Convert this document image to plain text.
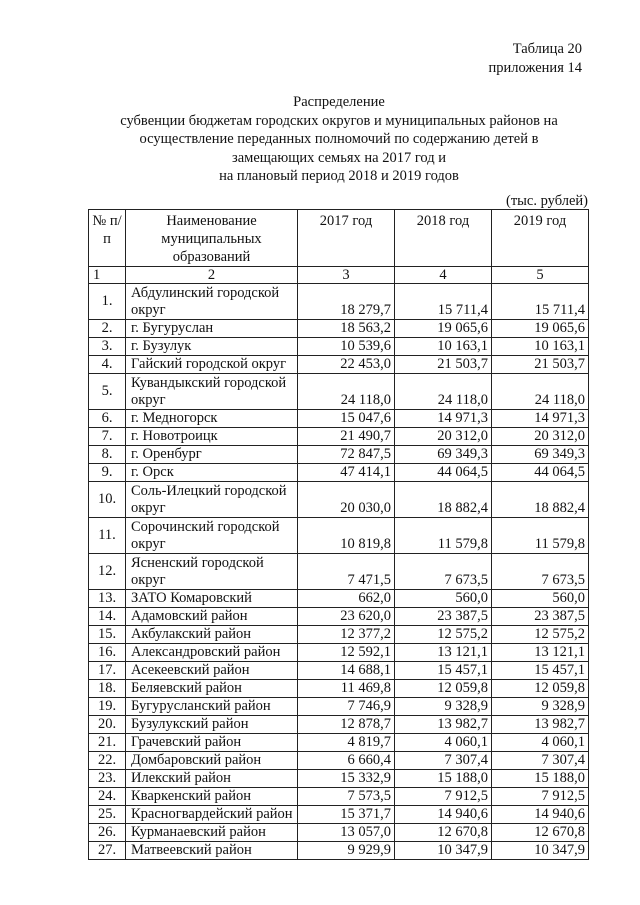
Таблица 20
приложения 14
Распределение
субвенции бюджетам городских округов и муниципальных районов на
осуществление переданных полномочий по содержанию детей в
замещающих семьях на 2017 год и
на плановый период 2018 и 2019 годов
(тыс. рублей)
№ п/п	Наименование муниципальных образований	2017 год	2018 год	2019 год
1	2	3	4	5
1.	Абдулинский городской округ	18 279,7	15 711,4	15 711,4
2.	г. Бугуруслан	18 563,2	19 065,6	19 065,6
3.	г. Бузулук	10 539,6	10 163,1	10 163,1
4.	Гайский городской округ	22 453,0	21 503,7	21 503,7
5.	Кувандыкский городской округ	24 118,0	24 118,0	24 118,0
6.	г. Медногорск	15 047,6	14 971,3	14 971,3
7.	г. Новотроицк	21 490,7	20 312,0	20 312,0
8.	г. Оренбург	72 847,5	69 349,3	69 349,3
9.	г. Орск	47 414,1	44 064,5	44 064,5
10.	Соль-Илецкий городской округ	20 030,0	18 882,4	18 882,4
11.	Сорочинский городской округ	10 819,8	11 579,8	11 579,8
12.	Ясненский городской округ	7 471,5	7 673,5	7 673,5
13.	ЗАТО Комаровский	662,0	560,0	560,0
14.	Адамовский район	23 620,0	23 387,5	23 387,5
15.	Акбулакский район	12 377,2	12 575,2	12 575,2
16.	Александровский район	12 592,1	13 121,1	13 121,1
17.	Асекеевский район	14 688,1	15 457,1	15 457,1
18.	Беляевский район	11 469,8	12 059,8	12 059,8
19.	Бугурусланский район	7 746,9	9 328,9	9 328,9
20.	Бузулукский район	12 878,7	13 982,7	13 982,7
21.	Грачевский район	4 819,7	4 060,1	4 060,1
22.	Домбаровский район	6 660,4	7 307,4	7 307,4
23.	Илекский район	15 332,9	15 188,0	15 188,0
24.	Кваркенский район	7 573,5	7 912,5	7 912,5
25.	Красногвардейский район	15 371,7	14 940,6	14 940,6
26.	Курманаевский район	13 057,0	12 670,8	12 670,8
27.	Матвеевский район	9 929,9	10 347,9	10 347,9
